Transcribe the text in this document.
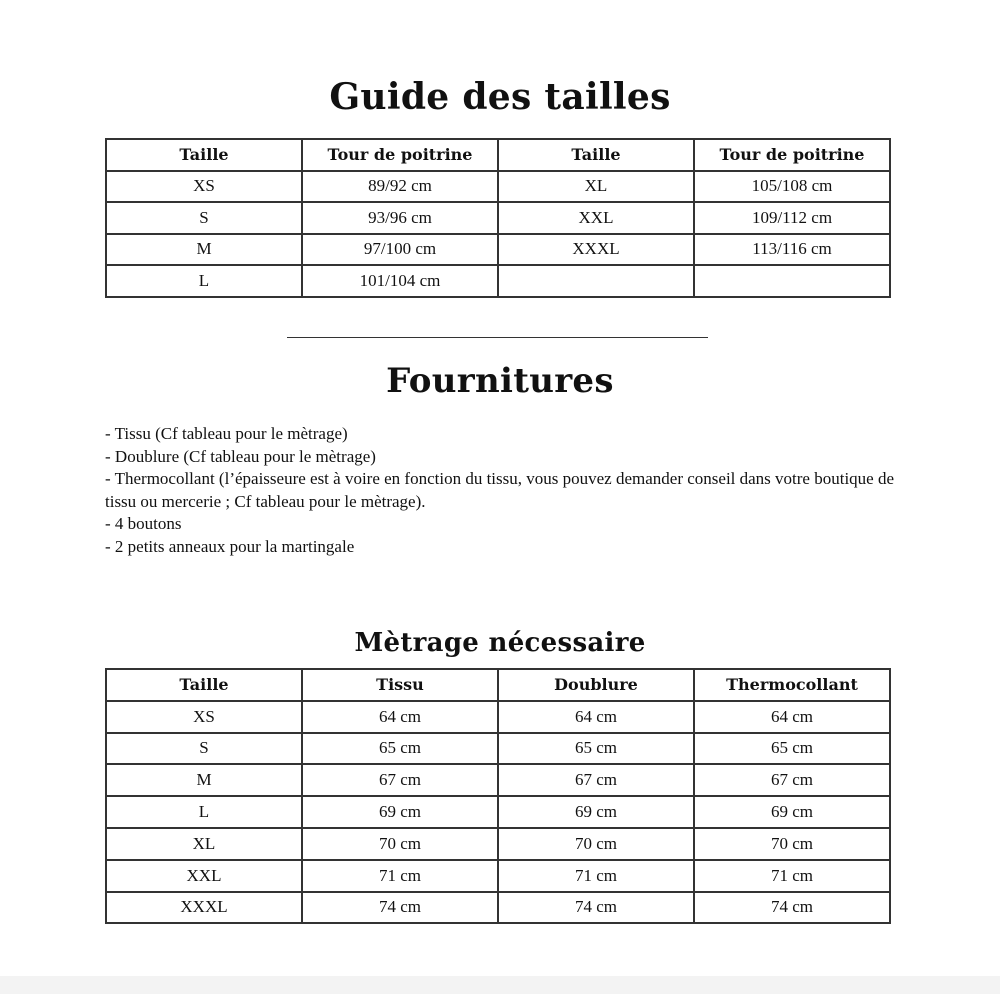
Guide des tailles
Taille	Tour de poitrine	Taille	Tour de poitrine
XS	89/92 cm	XL	105/108 cm
S	93/96 cm	XXL	109/112 cm
M	97/100 cm	XXXL	113/116 cm
L	101/104 cm		
Fournitures
- Tissu (Cf tableau pour le mètrage)
- Doublure (Cf tableau pour le mètrage)
- Thermocollant (l’épaisseure est à voire en fonction du tissu, vous pouvez demander conseil dans votre boutique de tissu ou mercerie ; Cf tableau pour le mètrage).
- 4 boutons
- 2 petits anneaux pour la martingale
Mètrage nécessaire
Taille	Tissu	Doublure	Thermocollant
XS	64 cm	64 cm	64 cm
S	65 cm	65 cm	65 cm
M	67 cm	67 cm	67 cm
L	69 cm	69 cm	69 cm
XL	70 cm	70 cm	70 cm
XXL	71 cm	71 cm	71 cm
XXXL	74 cm	74 cm	74 cm
